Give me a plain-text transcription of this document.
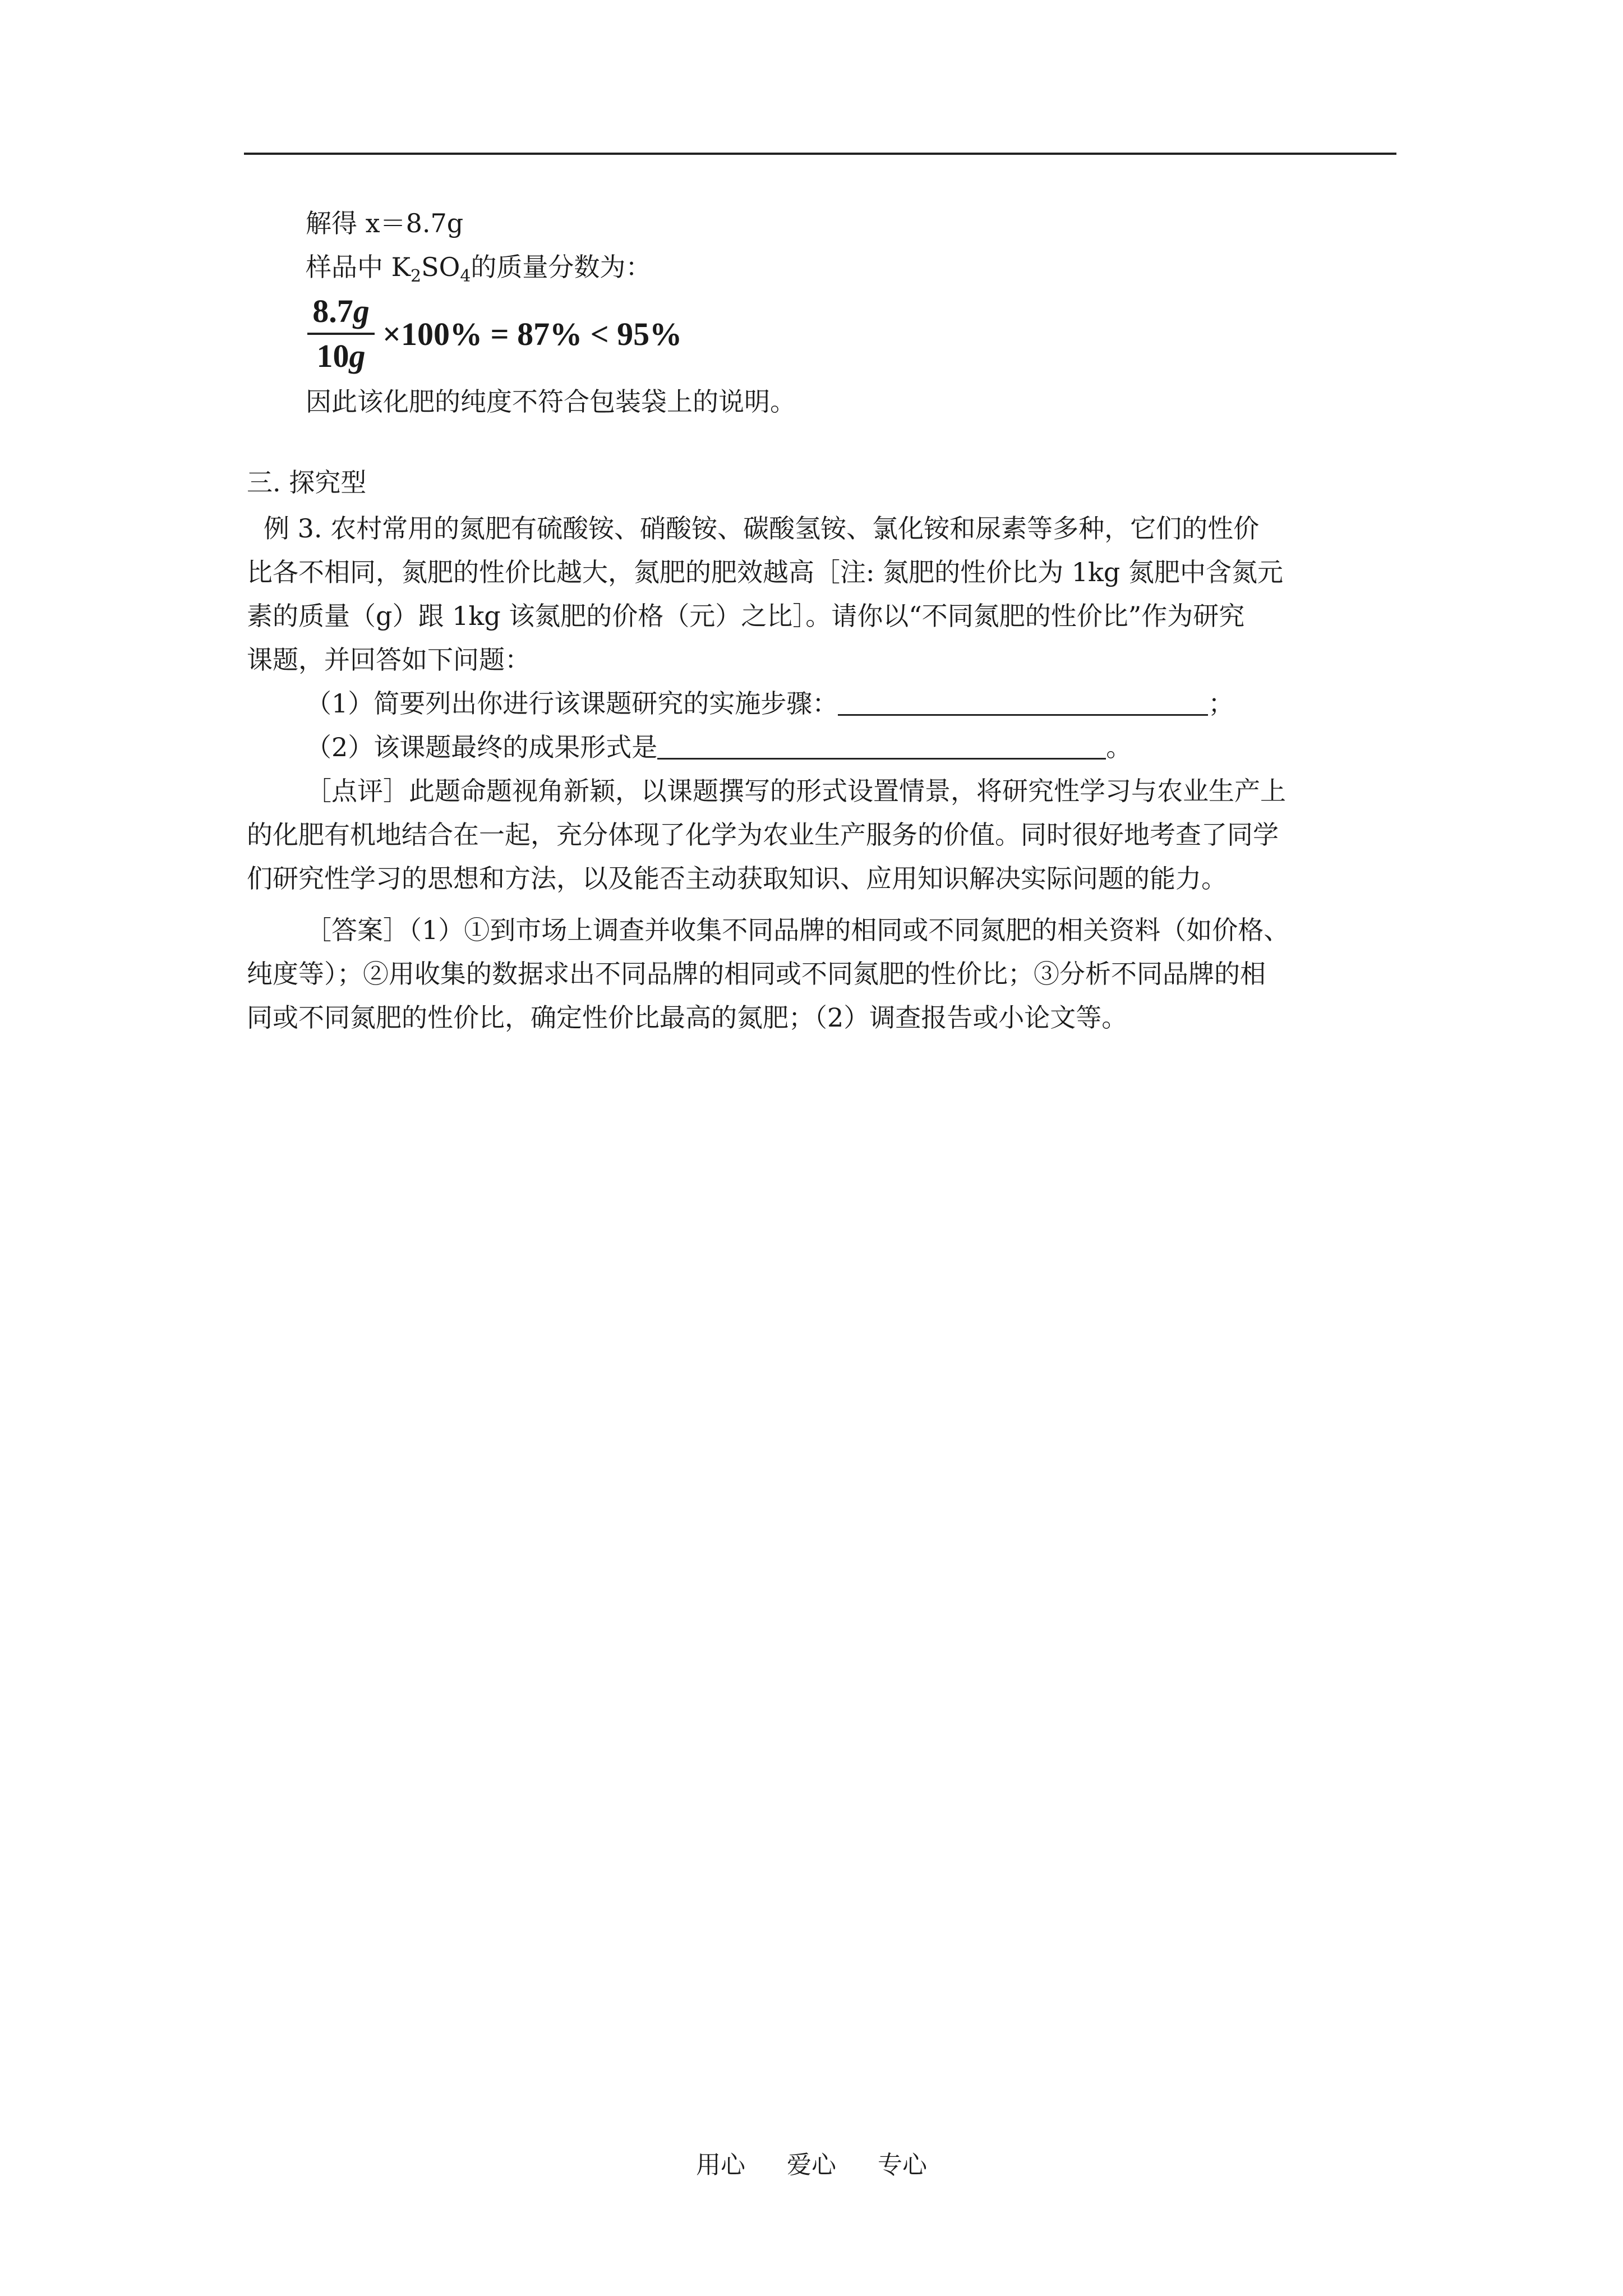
解得 x＝8.7g
样品中 $K_2SO_4$的质量分数为：
$\frac{8.7g}{10g} \times 100\% = 87\% < 95\%$
因此该化肥的纯度不符合包装袋上的说明。
三. 探究型
例 3. 农村常用的氮肥有硫酸铵、硝酸铵、碳酸氢铵、氯化铵和尿素等多种，它们的性价
比各不相同，氮肥的性价比越大，氮肥的肥效越高［注: 氮肥的性价比为 1kg 氮肥中含氮元
素的质量（g）跟 1kg 该氮肥的价格（元）之比］。请你以“不同氮肥的性价比”作为研究
课题，并回答如下问题：
（1）简要列出你进行该课题研究的实施步骤：	；
（2）该课题最终的成果形式是	。
［点评］此题命题视角新颖，以课题撰写的形式设置情景，将研究性学习与农业生产上
的化肥有机地结合在一起，充分体现了化学为农业生产服务的价值。同时很好地考查了同学
们研究性学习的思想和方法，以及能否主动获取知识、应用知识解决实际问题的能力。
［答案］（1）①到市场上调查并收集不同品牌的相同或不同氮肥的相关资料（如价格、
纯度等）；②用收集的数据求出不同品牌的相同或不同氮肥的性价比；③分析不同品牌的相
同或不同氮肥的性价比，确定性价比最高的氮肥；（2）调查报告或小论文等。
用心 爱心 专心
